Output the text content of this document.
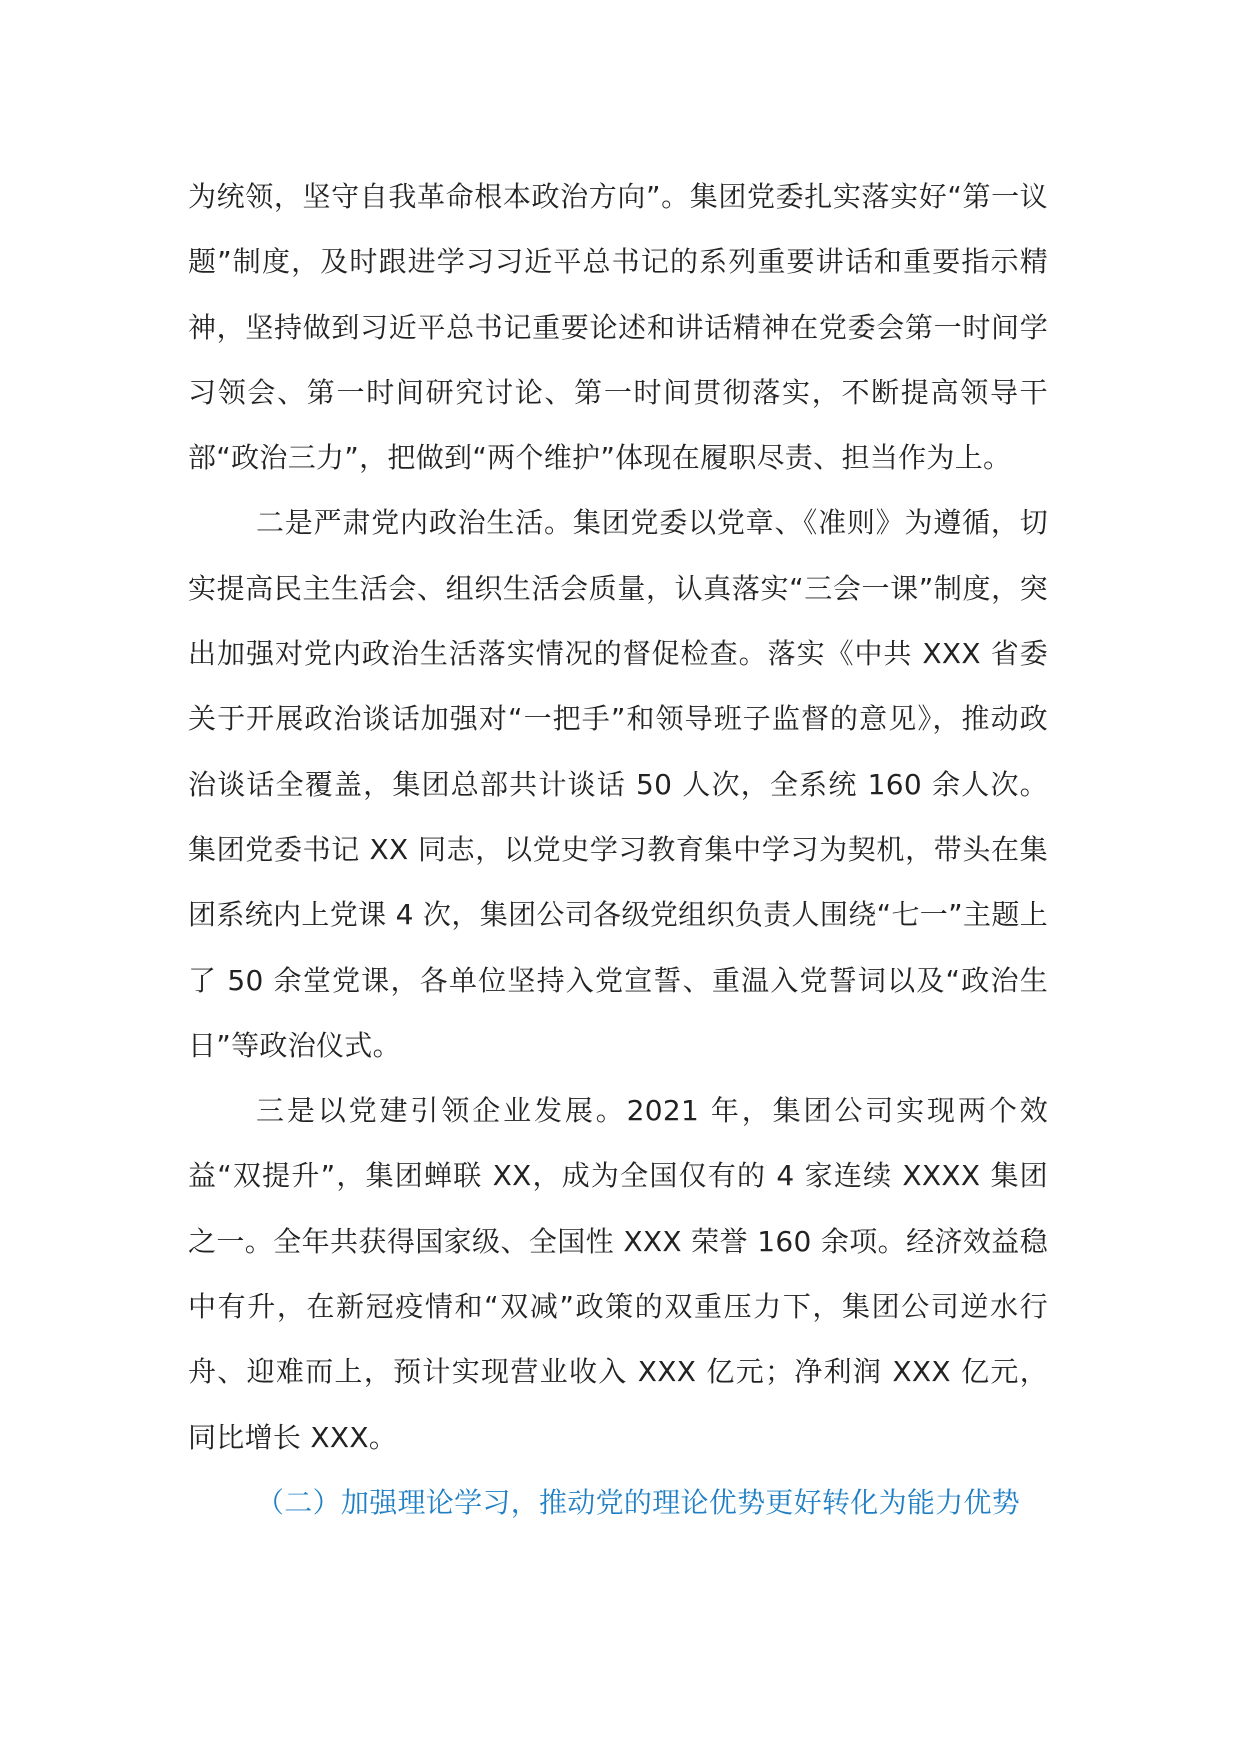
为统领，坚守自我革命根本政治方向”。集团党委扎实落实好“第一议题”制度，及时跟进学习习近平总书记的系列重要讲话和重要指示精神，坚持做到习近平总书记重要论述和讲话精神在党委会第一时间学习领会、第一时间研究讨论、第一时间贯彻落实，不断提高领导干部“政治三力”，把做到“两个维护”体现在履职尽责、担当作为上。

二是严肃党内政治生活。集团党委以党章、《准则》为遵循，切实提高民主生活会、组织生活会质量，认真落实“三会一课”制度，突出加强对党内政治生活落实情况的督促检查。落实《中共 XXX 省委关于开展政治谈话加强对“一把手”和领导班子监督的意见》，推动政治谈话全覆盖，集团总部共计谈话 50 人次，全系统 160 余人次。集团党委书记 XX 同志，以党史学习教育集中学习为契机，带头在集团系统内上党课 4 次，集团公司各级党组织负责人围绕“七一”主题上了 50 余堂党课，各单位坚持入党宣誓、重温入党誓词以及“政治生日”等政治仪式。

三是以党建引领企业发展。2021 年，集团公司实现两个效益“双提升”，集团蝉联 XX，成为全国仅有的 4 家连续 XXXX 集团之一。全年共获得国家级、全国性 XXX 荣誉 160 余项。经济效益稳中有升，在新冠疫情和“双减”政策的双重压力下，集团公司逆水行舟、迎难而上，预计实现营业收入 XXX 亿元；净利润 XXX 亿元，同比增长 XXX。

（二）加强理论学习，推动党的理论优势更好转化为能力优势
